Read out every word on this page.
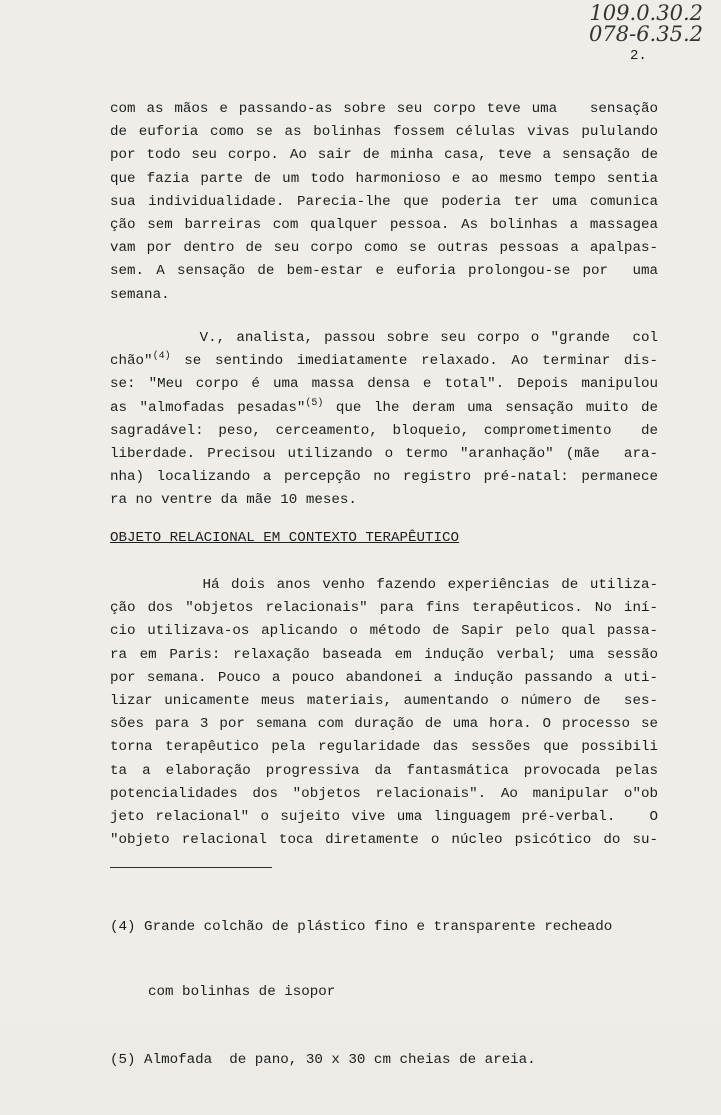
109.0.30.2
078-6.35.2
2.
com as mãos e passando-as sobre seu corpo teve uma   sensação
de euforia como se as bolinhas fossem células vivas pululando
por todo seu corpo. Ao sair de minha casa, teve a sensação de
que fazia parte de um todo harmonioso e ao mesmo tempo sentia
sua individualidade. Parecia-lhe que poderia ter uma comunica
ção sem barreiras com qualquer pessoa. As bolinhas a massagea
vam por dentro de seu corpo como se outras pessoas a apalpas-
sem. A sensação de bem-estar e euforia prolongou-se por  uma
semana.
V., analista, passou sobre seu corpo o "grande  col
chão"$^{(4)}$ se sentindo imediatamente relaxado. Ao terminar dis-
se: "Meu corpo é uma massa densa e total". Depois manipulou
as "almofadas pesadas"$^{(5)}$ que lhe deram uma sensação muito de
sagradável: peso, cerceamento, bloqueio, comprometimento  de
liberdade. Precisou utilizando o termo "aranhação" (mãe  ara-
nha) localizando a percepção no registro pré-natal: permanece
ra no ventre da mãe 10 meses.
OBJETO RELACIONAL EM CONTEXTO TERAPÊUTICO
Há dois anos venho fazendo experiências de utiliza-
ção dos "objetos relacionais" para fins terapêuticos. No iní-
cio utilizava-os aplicando o método de Sapir pelo qual passa-
ra em Paris: relaxação baseada em indução verbal; uma sessão
por semana. Pouco a pouco abandonei a indução passando a uti-
lizar unicamente meus materiais, aumentando o número de  ses-
sões para 3 por semana com duração de uma hora. O processo se
torna terapêutico pela regularidade das sessões que possibili
ta a elaboração progressiva da fantasmática provocada pelas
potencialidades dos "objetos relacionais". Ao manipular o"ob
jeto relacional" o sujeito vive uma linguagem pré-verbal.   O
"objeto relacional toca diretamente o núcleo psicótico do su-

(4) Grande colchão de plástico fino e transparente recheado

com bolinhas de isopor

(5) Almofada  de pano, 30 x 30 cm cheias de areia.
